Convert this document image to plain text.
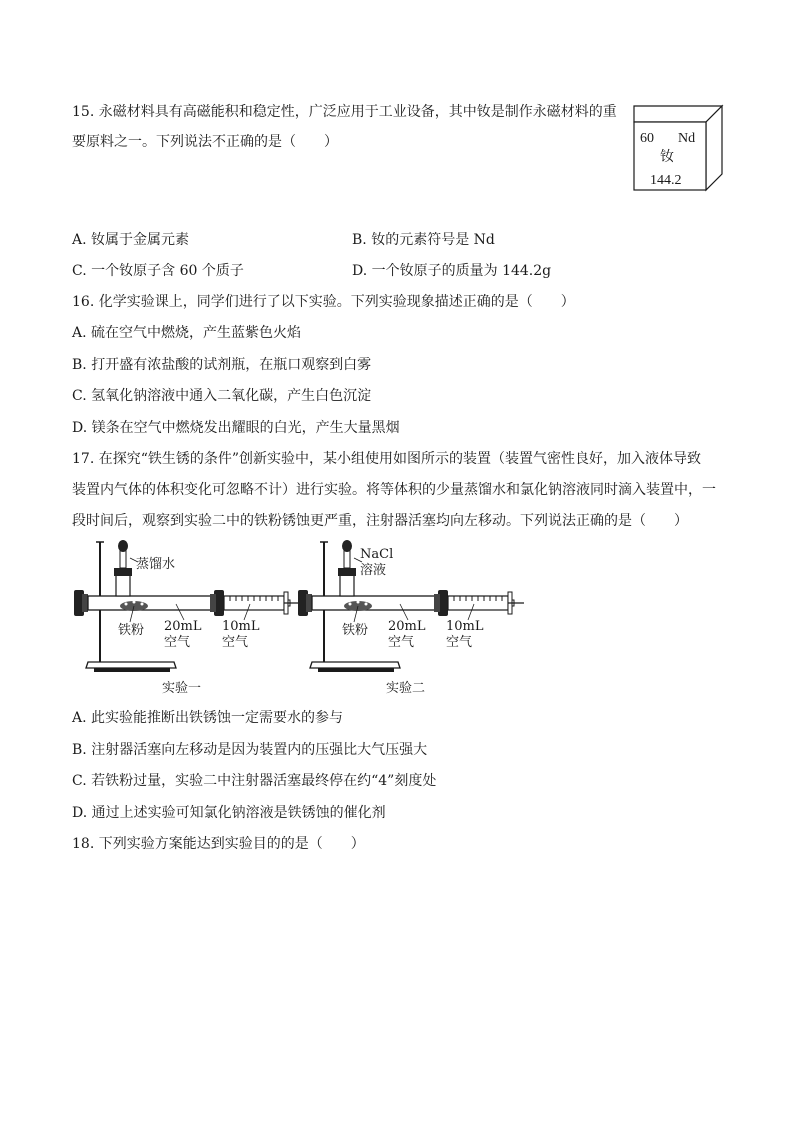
15. 永磁材料具有高磁能积和稳定性，广泛应用于工业设备，其中钕是制作永磁材料的重
要原料之一。下列说法不正确的是（　　）	60 Nd
钕
144.2
A. 钕属于金属元素	B. 钕的元素符号是 Nd
C. 一个钕原子含 60 个质子	D. 一个钕原子的质量为 144.2g
16. 化学实验课上，同学们进行了以下实验。下列实验现象描述正确的是（　　）
A. 硫在空气中燃烧，产生蓝紫色火焰
B. 打开盛有浓盐酸的试剂瓶，在瓶口观察到白雾
C. 氢氧化钠溶液中通入二氧化碳，产生白色沉淀
D. 镁条在空气中燃烧发出耀眼的白光，产生大量黑烟
17. 在探究“铁生锈的条件”创新实验中，某小组使用如图所示的装置（装置气密性良好，加入液体导致
装置内气体的体积变化可忽略不计）进行实验。将等体积的少量蒸馏水和氯化钠溶液同时滴入装置中，一
段时间后，观察到实验二中的铁粉锈蚀更严重，注射器活塞均向左移动。下列说法正确的是（　　）
蒸馏水
铁粉 20mL
空气
10mL
空气
实验一
NaCl
溶液
铁粉 20mL
空气
10mL
空气
实验二
A. 此实验能推断出铁锈蚀一定需要水的参与
B. 注射器活塞向左移动是因为装置内的压强比大气压强大
C. 若铁粉过量，实验二中注射器活塞最终停在约“4”刻度处
D. 通过上述实验可知氯化钠溶液是铁锈蚀的催化剂
18. 下列实验方案能达到实验目的的是（　　）
